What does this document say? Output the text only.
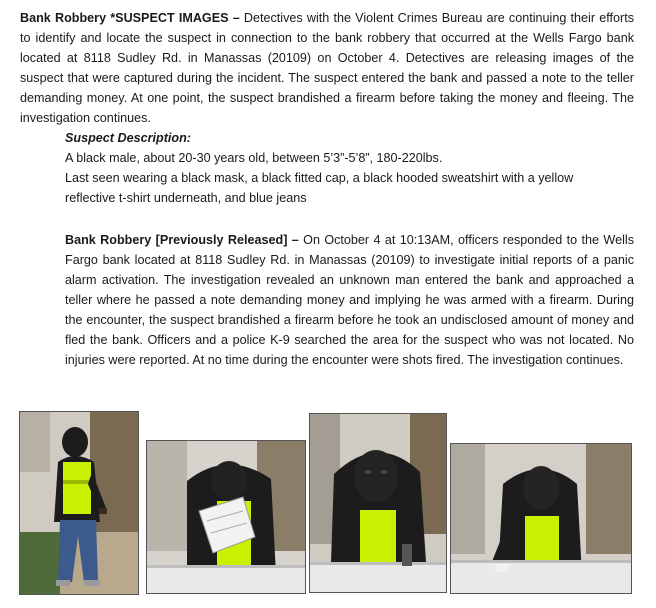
Bank Robbery *SUSPECT IMAGES – Detectives with the Violent Crimes Bureau are continuing their efforts to identify and locate the suspect in connection to the bank robbery that occurred at the Wells Fargo bank located at 8118 Sudley Rd. in Manassas (20109) on October 4. Detectives are releasing images of the suspect that were captured during the incident. The suspect entered the bank and passed a note to the teller demanding money. At one point, the suspect brandished a firearm before taking the money and fleeing. The investigation continues.
Suspect Description:
A black male, about 20-30 years old, between 5’3”-5’8”, 180-220lbs.
Last seen wearing a black mask, a black fitted cap, a black hooded sweatshirt with a yellow
reflective t-shirt underneath, and blue jeans
Bank Robbery [Previously Released] – On October 4 at 10:13AM, officers responded to the Wells Fargo bank located at 8118 Sudley Rd. in Manassas (20109) to investigate initial reports of a panic alarm activation. The investigation revealed an unknown man entered the bank and approached a teller where he passed a note demanding money and implying he was armed with a firearm. During the encounter, the suspect brandished a firearm before he took an undisclosed amount of money and fled the bank. Officers and a police K-9 searched the area for the suspect who was not located. No injuries were reported. At no time during the encounter were shots fired. The investigation continues.
